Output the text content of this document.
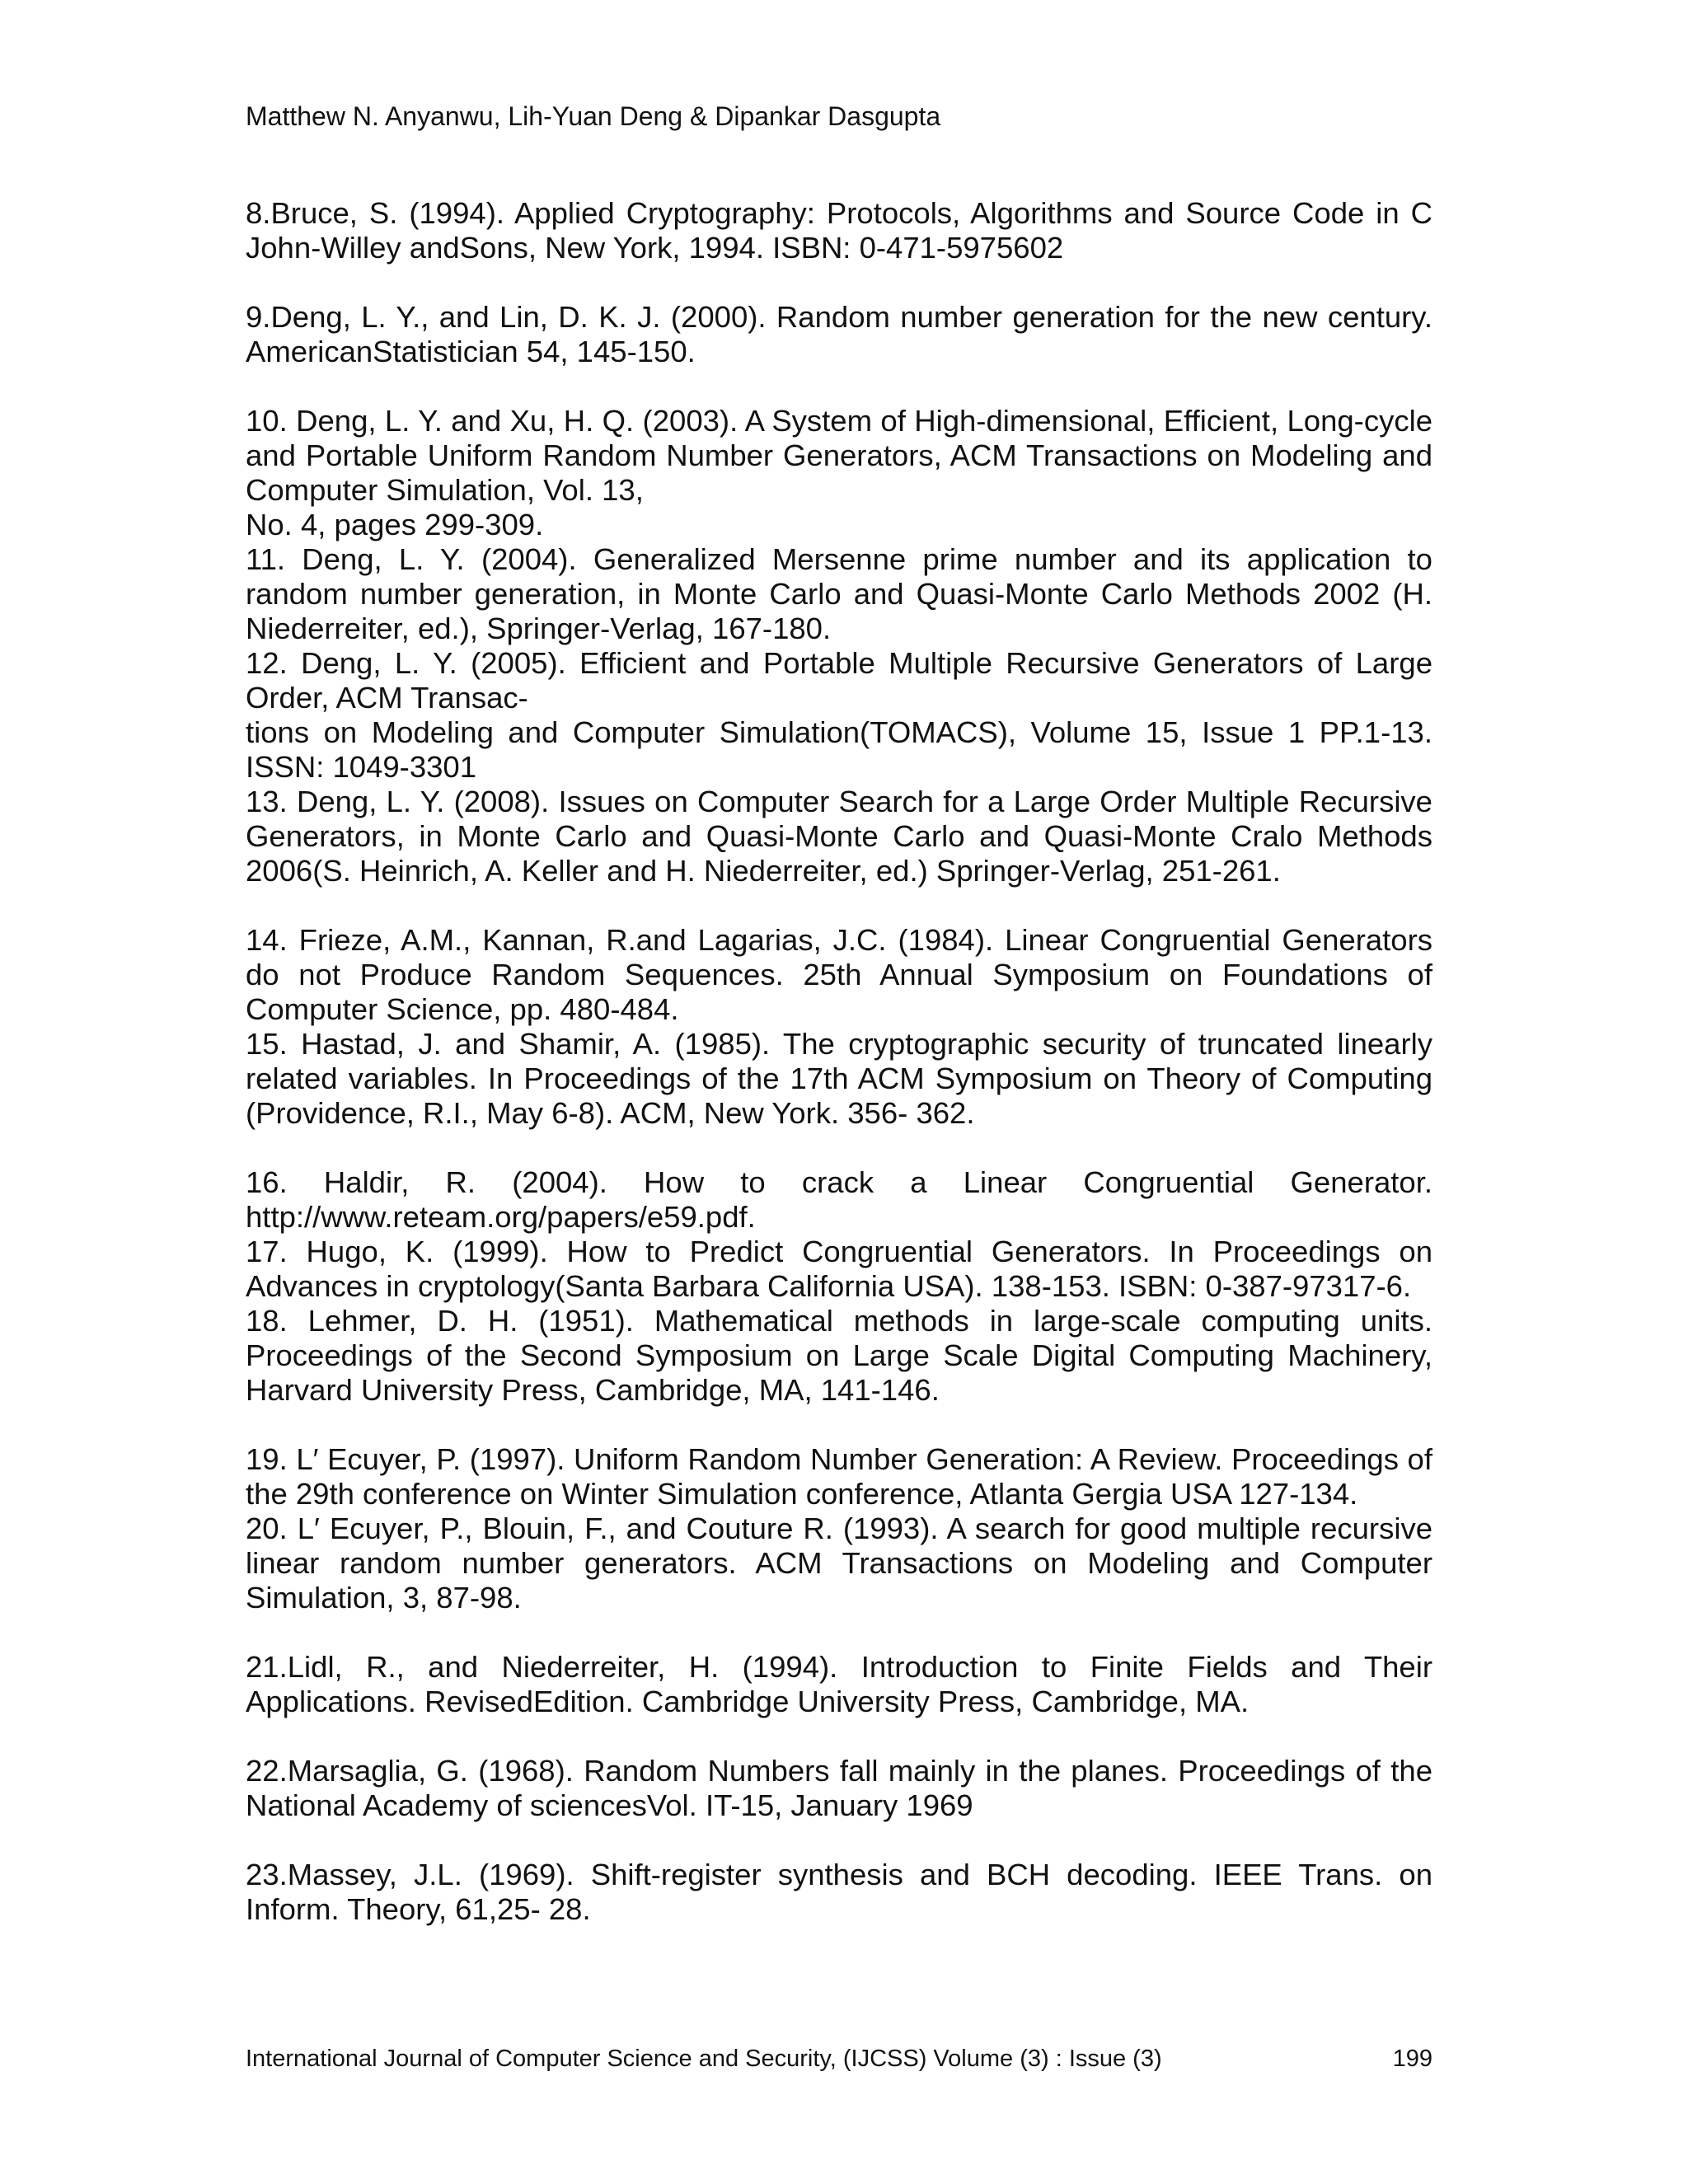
Matthew N. Anyanwu, Lih-Yuan Deng & Dipankar Dasgupta

8.Bruce, S. (1994). Applied Cryptography: Protocols, Algorithms and Source Code in C John-Willey andSons, New York, 1994. ISBN: 0-471-5975602

9.Deng, L. Y., and Lin, D. K. J. (2000). Random number generation for the new century. AmericanStatistician 54, 145-150.

10. Deng, L. Y. and Xu, H. Q. (2003). A System of High-dimensional, Efficient, Long-cycle and Portable Uniform Random Number Generators, ACM Transactions on Modeling and Computer Simulation, Vol. 13,

No. 4, pages 299-309.

11. Deng, L. Y. (2004). Generalized Mersenne prime number and its application to random number generation, in Monte Carlo and Quasi-Monte Carlo Methods 2002 (H. Niederreiter, ed.), Springer-Verlag, 167-180.

12. Deng, L. Y. (2005). Efficient and Portable Multiple Recursive Generators of Large Order, ACM Transac-

tions on Modeling and Computer Simulation(TOMACS), Volume 15, Issue 1 PP.1-13. ISSN: 1049-3301

13. Deng, L. Y. (2008). Issues on Computer Search for a Large Order Multiple Recursive Generators, in Monte Carlo and Quasi-Monte Carlo and Quasi-Monte Cralo Methods 2006(S. Heinrich, A. Keller and H. Niederreiter, ed.) Springer-Verlag, 251-261.

14. Frieze, A.M., Kannan, R.and Lagarias, J.C. (1984). Linear Congruential Generators do not Produce Random Sequences. 25th Annual Symposium on Foundations of Computer Science, pp. 480-484.

15. Hastad, J. and Shamir, A. (1985). The cryptographic security of truncated linearly related variables. In Proceedings of the 17th ACM Symposium on Theory of Computing (Providence, R.I., May 6-8). ACM, New York. 356- 362.

16. Haldir, R. (2004). How to crack a Linear Congruential Generator. http://www.reteam.org/papers/e59.pdf.

17. Hugo, K. (1999). How to Predict Congruential Generators. In Proceedings on Advances in cryptology(Santa Barbara California USA). 138-153. ISBN: 0-387-97317-6.

18. Lehmer, D. H. (1951). Mathematical methods in large-scale computing units. Proceedings of the Second Symposium on Large Scale Digital Computing Machinery, Harvard University Press, Cambridge, MA, 141-146.

19. L′ Ecuyer, P. (1997). Uniform Random Number Generation: A Review. Proceedings of the 29th conference on Winter Simulation conference, Atlanta Gergia USA 127-134.

20. L′ Ecuyer, P., Blouin, F., and Couture R. (1993). A search for good multiple recursive linear random number generators. ACM Transactions on Modeling and Computer Simulation, 3, 87-98.

21.Lidl, R., and Niederreiter, H. (1994). Introduction to Finite Fields and Their Applications. RevisedEdition. Cambridge University Press, Cambridge, MA.

22.Marsaglia, G. (1968). Random Numbers fall mainly in the planes. Proceedings of the National Academy of sciencesVol. IT-15, January 1969

23.Massey, J.L. (1969). Shift-register synthesis and BCH decoding. IEEE Trans. on Inform. Theory, 61,25- 28.

International Journal of Computer Science and Security, (IJCSS) Volume (3) : Issue (3)	199
